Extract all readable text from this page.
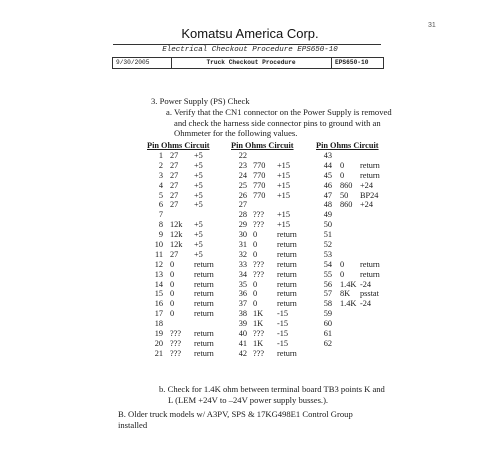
31
Komatsu America Corp.
Electrical Checkout Procedure EPS650-10
9/30/2005	Truck Checkout Procedure	EPS650-10
3. Power Supply (PS) Check
a. Verify that the CN1 connector on the Power Supply is removed
and check the harness side connector pins to ground with an
Ohmmeter for the following values.
Pin Ohms Circuit
1 27 +5
2 27 +5
3 27 +5
4 27 +5
5 27 +5
6 27 +5
7
8 12k +5
9 12k +5
10 12k +5
11 27 +5
12 0 return
13 0 return
14 0 return
15 0 return
16 0 return
17 0 return
18
19 ??? return
20 ??? return
21 ??? return
Pin Ohms Circuit
22
23 770 +15
24 770 +15
25 770 +15
26 770 +15
27
28 ??? +15
29 ??? +15
30 0 return
31 0 return
32 0 return
33 ??? return
34 ??? return
35 0 return
36 0 return
37 0 return
38 1K -15
39 1K -15
40 ??? -15
41 1K -15
42 ??? return
Pin Ohms Circuit
43
44 0 return
45 0 return
46 860 +24
47 50 BP24
48 860 +24
49
50
51
52
53
54 0 return
55 0 return
56 1.4K -24
57 8K psstat
58 1.4K -24
59
60
61
62
b. Check for 1.4K ohm between terminal board TB3 points K and
L (LEM +24V to –24V power supply busses.).
B. Older truck models w/ A3PV, SPS & 17KG498E1 Control Group
installed
